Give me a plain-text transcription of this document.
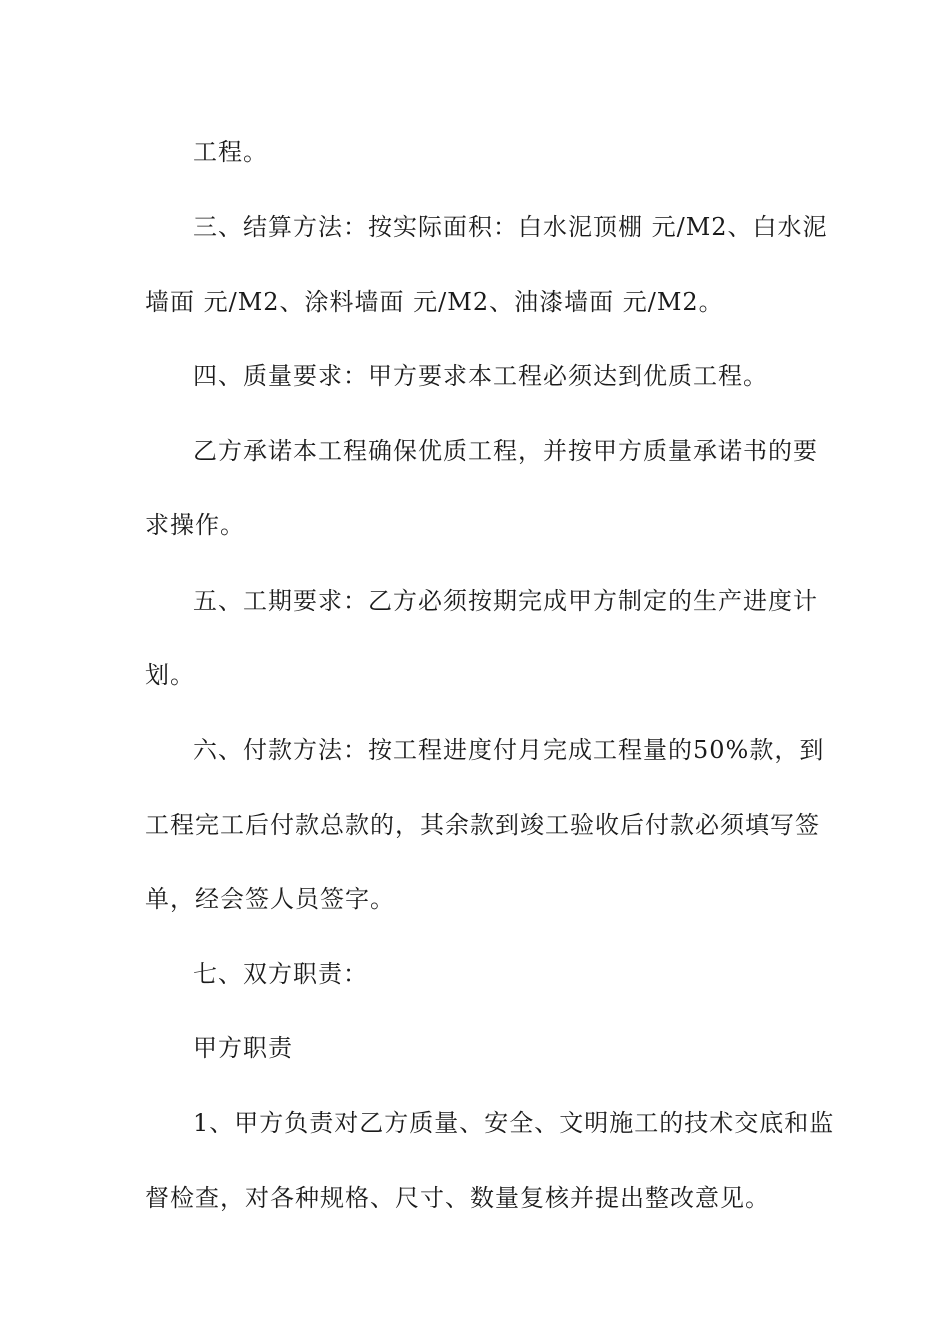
工程。
三、结算方法：按实际面积：白水泥顶棚 元/M2、白水泥
墙面 元/M2、涂料墙面 元/M2、油漆墙面 元/M2。
四、质量要求：甲方要求本工程必须达到优质工程。
乙方承诺本工程确保优质工程，并按甲方质量承诺书的要
求操作。
五、工期要求：乙方必须按期完成甲方制定的生产进度计
划。
六、付款方法：按工程进度付月完成工程量的50%款，到
工程完工后付款总款的，其余款到竣工验收后付款必须填写签
单，经会签人员签字。
七、双方职责：
甲方职责
1、甲方负责对乙方质量、安全、文明施工的技术交底和监
督检查，对各种规格、尺寸、数量复核并提出整改意见。
